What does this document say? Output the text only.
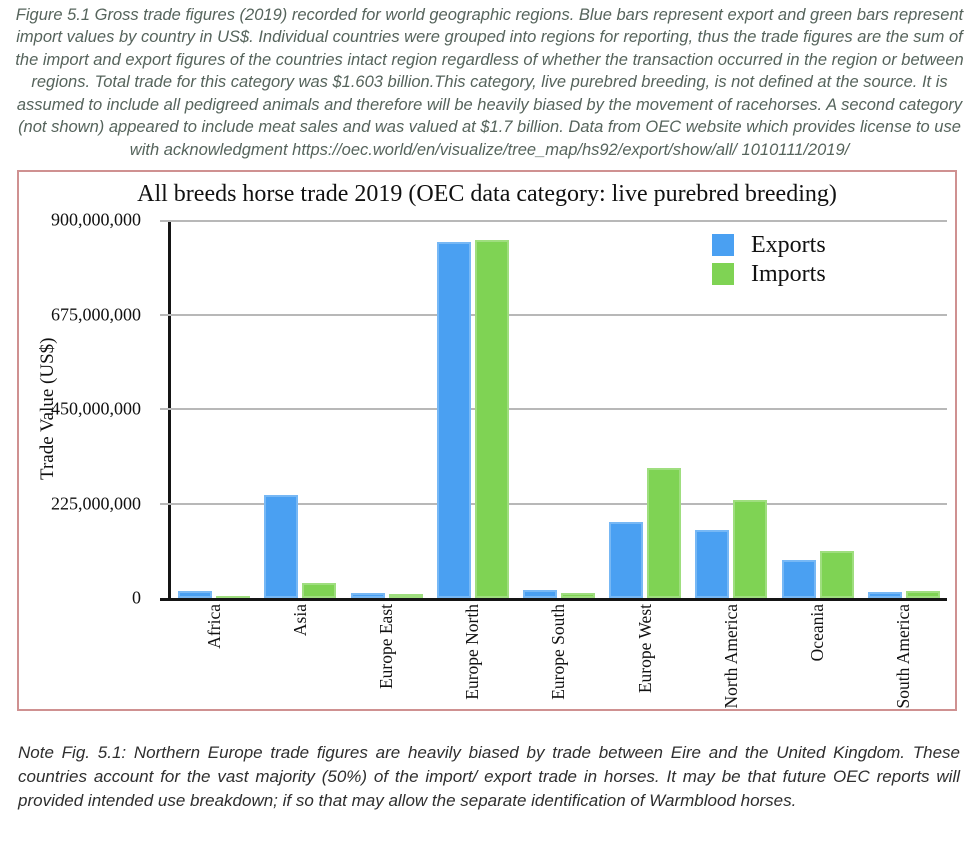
Figure 5.1 Gross trade figures (2019) recorded for world geographic regions. Blue bars represent export and green bars represent import values by country in US$. Individual countries were grouped into regions for reporting, thus the trade figures are the sum of the import and export figures of the countries intact region regardless of whether the transaction occurred in the region or between regions. Total trade for this category was $1.603 billion.This category, live purebred breeding, is not defined at the source. It is assumed to include all pedigreed animals and therefore will be heavily biased by the movement of racehorses. A second category (not shown) appeared to include meat sales and was valued at $1.7 billion. Data from OEC website which provides license to use with acknowledgment https://oec.world/en/visualize/tree_map/hs92/export/show/all/ 1010111/2019/

All breeds horse trade 2019 (OEC data category: live purebred breeding)
Trade Value (US$)
0
225,000,000
450,000,000
675,000,000
900,000,000
Exports
Imports
Africa	Asia	Europe East	Europe North	Europe South	Europe West	North America	Oceania	South America

Note Fig. 5.1: Northern Europe trade figures are heavily biased by trade between Eire and the United Kingdom. These countries account for the vast majority (50%) of the import/ export trade in horses. It may be that future OEC reports will provided intended use breakdown; if so that may allow the separate identification of Warmblood horses.
